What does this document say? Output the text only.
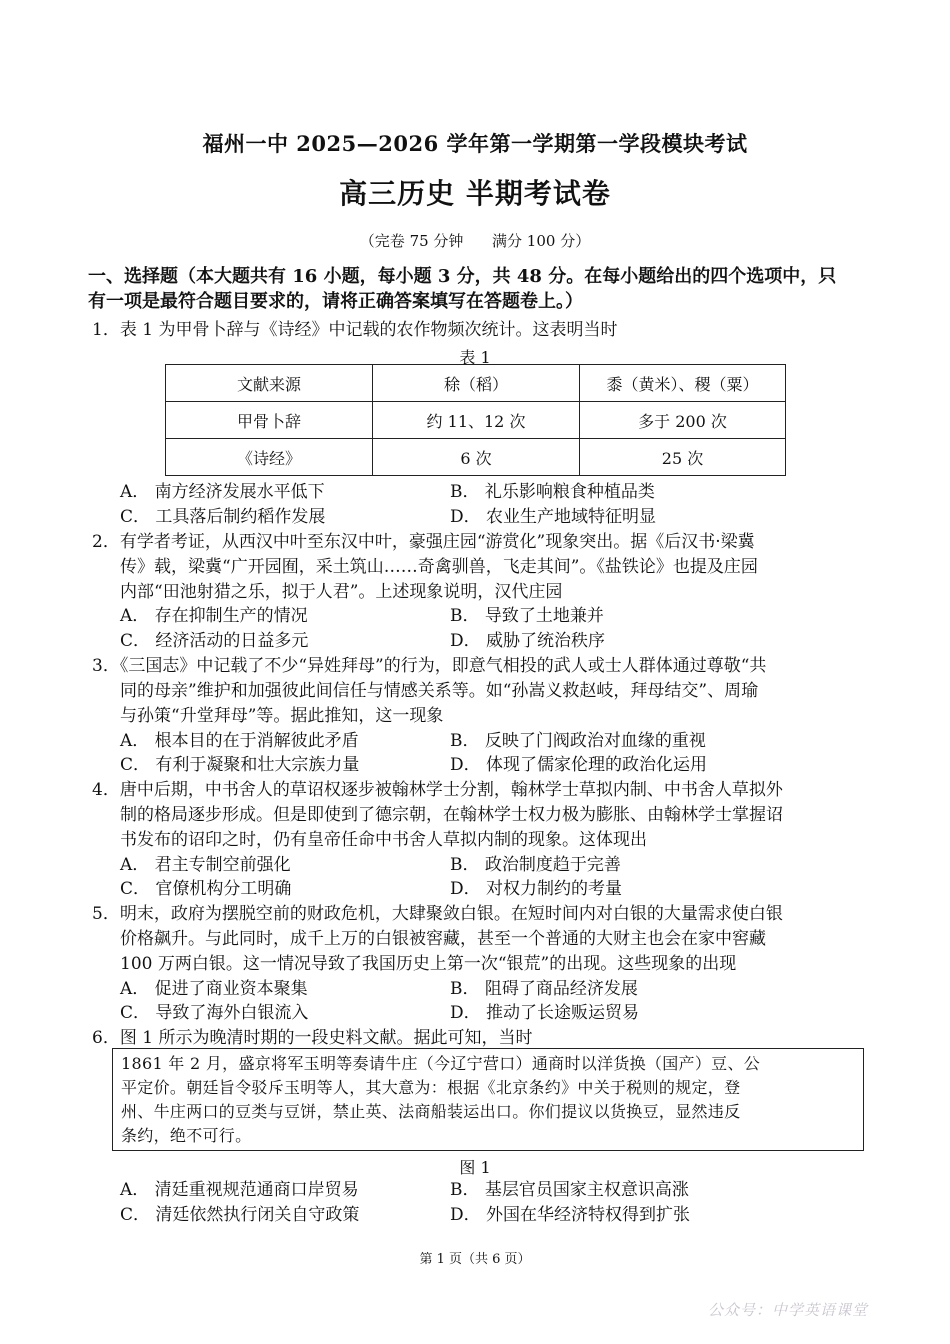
福州一中 2025—2026 学年第一学期第一学段模块考试
高三历史 半期考试卷
（完卷 75 分钟      满分 100 分）
一、选择题（本大题共有 16 小题，每小题 3 分，共 48 分。在每小题给出的四个选项中，只
有一项是最符合题目要求的，请将正确答案填写在答题卷上。）
1．表 1 为甲骨卜辞与《诗经》中记载的农作物频次统计。这表明当时
表 1
文献来源	稌（稻）	黍（黄米）、稷（粟）
甲骨卜辞	约 11、12 次	多于 200 次
《诗经》	6 次	25 次
A． 南方经济发展水平低下	B． 礼乐影响粮食种植品类
C． 工具落后制约稻作发展	D． 农业生产地域特征明显
2．有学者考证，从西汉中叶至东汉中叶，豪强庄园“游赏化”现象突出。据《后汉书·梁冀
传》载，梁冀“广开园囿，采土筑山……奇禽驯兽，飞走其间”。《盐铁论》也提及庄园
内部“田池射猎之乐，拟于人君”。上述现象说明，汉代庄园
A． 存在抑制生产的情况	B． 导致了土地兼并
C． 经济活动的日益多元	D． 威胁了统治秩序
3．《三国志》中记载了不少“异姓拜母”的行为，即意气相投的武人或士人群体通过尊敬“共
同的母亲”维护和加强彼此间信任与情感关系等。如“孙嵩义救赵岐，拜母结交”、周瑜
与孙策“升堂拜母”等。据此推知，这一现象
A． 根本目的在于消解彼此矛盾	B． 反映了门阀政治对血缘的重视
C． 有利于凝聚和壮大宗族力量	D． 体现了儒家伦理的政治化运用
4．唐中后期，中书舍人的草诏权逐步被翰林学士分割，翰林学士草拟内制、中书舍人草拟外
制的格局逐步形成。但是即使到了德宗朝，在翰林学士权力极为膨胀、由翰林学士掌握诏
书发布的诏印之时，仍有皇帝任命中书舍人草拟内制的现象。这体现出
A． 君主专制空前强化	B． 政治制度趋于完善
C． 官僚机构分工明确	D． 对权力制约的考量
5．明末，政府为摆脱空前的财政危机，大肆聚敛白银。在短时间内对白银的大量需求使白银
价格飙升。与此同时，成千上万的白银被窖藏，甚至一个普通的大财主也会在家中窖藏
100 万两白银。这一情况导致了我国历史上第一次“银荒”的出现。这些现象的出现
A． 促进了商业资本聚集	B． 阻碍了商品经济发展
C． 导致了海外白银流入	D． 推动了长途贩运贸易
6．图 1 所示为晚清时期的一段史料文献。据此可知，当时
1861 年 2 月，盛京将军玉明等奏请牛庄（今辽宁营口）通商时以洋货换（国产）豆、公
平定价。朝廷旨令驳斥玉明等人，其大意为：根据《北京条约》中关于税则的规定，登
州、牛庄两口的豆类与豆饼，禁止英、法商船装运出口。你们提议以货换豆，显然违反
条约，绝不可行。
图 1
A． 清廷重视规范通商口岸贸易	B． 基层官员国家主权意识高涨
C． 清廷依然执行闭关自守政策	D． 外国在华经济特权得到扩张
第 1 页（共 6 页）
公众号：中学英语课堂
